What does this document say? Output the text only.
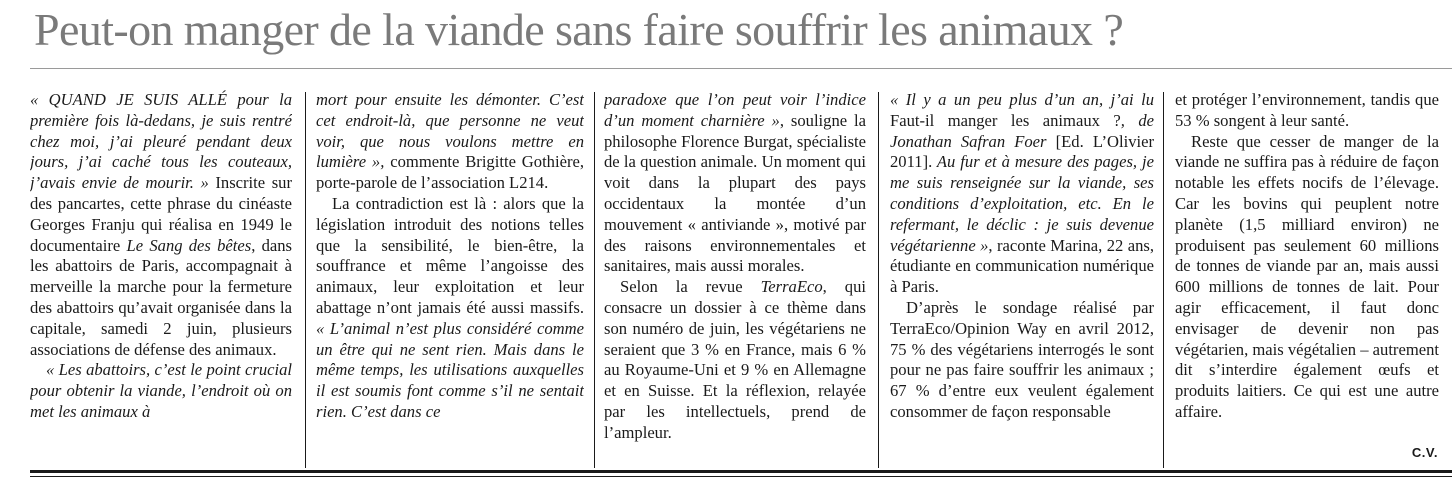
Peut-on manger de la viande sans faire souffrir les animaux ?

« QUAND JE SUIS ALLÉ pour la première fois là-dedans, je suis rentré chez moi, j’ai pleuré pendant deux jours, j’ai caché tous les couteaux, j’avais envie de mourir. » Inscrite sur des pancartes, cette phrase du cinéaste Georges Franju qui réalisa en 1949 le documentaire Le Sang des bêtes, dans les abattoirs de Paris, accompagnait à merveille la marche pour la fermeture des abattoirs qu’avait organisée dans la capitale, samedi 2 juin, plusieurs associations de défense des animaux.

« Les abattoirs, c’est le point crucial pour obtenir la viande, l’endroit où on met les animaux à

mort pour ensuite les démonter. C’est cet endroit-là, que personne ne veut voir, que nous voulons mettre en lumière », commente Brigitte Gothière, porte-parole de l’association L214.

La contradiction est là : alors que la législation introduit des notions telles que la sensibilité, le bien-être, la souffrance et même l’angoisse des animaux, leur exploitation et leur abattage n’ont jamais été aussi massifs. « L’animal n’est plus considéré comme un être qui ne sent rien. Mais dans le même temps, les utilisations auxquelles il est soumis font comme s’il ne sentait rien. C’est dans ce

paradoxe que l’on peut voir l’indice d’un moment charnière », souligne la philosophe Florence Burgat, spécialiste de la question animale. Un moment qui voit dans la plupart des pays occidentaux la montée d’un mouvement « antiviande », motivé par des raisons environnementales et sanitaires, mais aussi morales.

Selon la revue TerraEco, qui consacre un dossier à ce thème dans son numéro de juin, les végétariens ne seraient que 3 % en France, mais 6 % au Royaume-Uni et 9 % en Allemagne et en Suisse. Et la réflexion, relayée par les intellectuels, prend de l’ampleur.

« Il y a un peu plus d’un an, j’ai lu Faut-il manger les animaux ?, de Jonathan Safran Foer [Ed. L’Olivier 2011]. Au fur et à mesure des pages, je me suis renseignée sur la viande, ses conditions d’exploitation, etc. En le refermant, le déclic : je suis devenue végétarienne », raconte Marina, 22 ans, étudiante en communication numérique à Paris.

D’après le sondage réalisé par TerraEco/Opinion Way en avril 2012, 75 % des végétariens interrogés le sont pour ne pas faire souffrir les animaux ; 67 % d’entre eux veulent également consommer de façon responsable

et protéger l’environnement, tandis que 53 % songent à leur santé.

Reste que cesser de manger de la viande ne suffira pas à réduire de façon notable les effets nocifs de l’élevage. Car les bovins qui peuplent notre planète (1,5 milliard environ) ne produisent pas seulement 60 millions de tonnes de viande par an, mais aussi 600 millions de tonnes de lait. Pour agir efficacement, il faut donc envisager de devenir non pas végétarien, mais végétalien – autrement dit s’interdire également œufs et produits laitiers. Ce qui est une autre affaire.

C.V.
